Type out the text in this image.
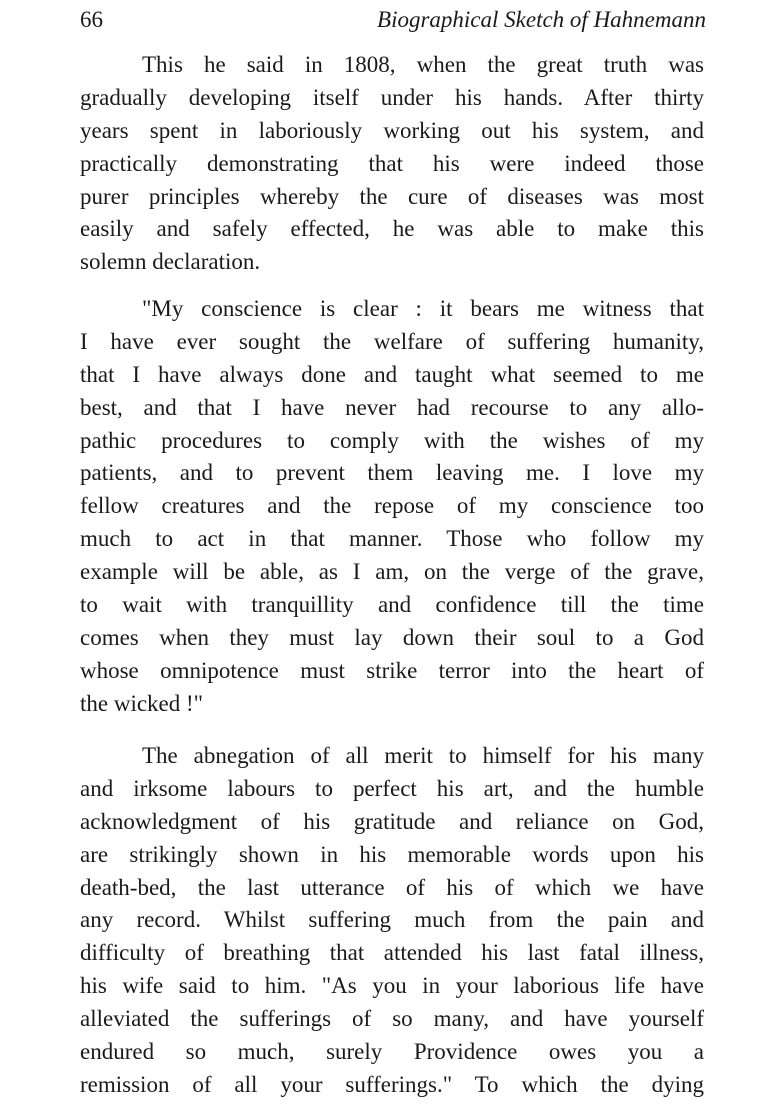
66	Biographical Sketch of Hahnemann
This he said in 1808, when the great truth was
gradually developing itself under his hands. After thirty
years spent in laboriously working out his system, and
practically demonstrating that his were indeed those
purer principles whereby the cure of diseases was most
easily and safely effected, he was able to make this
solemn declaration.
"My conscience is clear : it bears me witness that
I have ever sought the welfare of suffering humanity,
that I have always done and taught what seemed to me
best, and that I have never had recourse to any allo-
pathic procedures to comply with the wishes of my
patients, and to prevent them leaving me. I love my
fellow creatures and the repose of my conscience too
much to act in that manner. Those who follow my
example will be able, as I am, on the verge of the grave,
to wait with tranquillity and confidence till the time
comes when they must lay down their soul to a God
whose omnipotence must strike terror into the heart of
the wicked !"
The abnegation of all merit to himself for his many
and irksome labours to perfect his art, and the humble
acknowledgment of his gratitude and reliance on God,
are strikingly shown in his memorable words upon his
death-bed, the last utterance of his of which we have
any record. Whilst suffering much from the pain and
difficulty of breathing that attended his last fatal illness,
his wife said to him. "As you in your laborious life have
alleviated the sufferings of so many, and have yourself
endured so much, surely Providence owes you a
remission of all your sufferings." To which the dying
